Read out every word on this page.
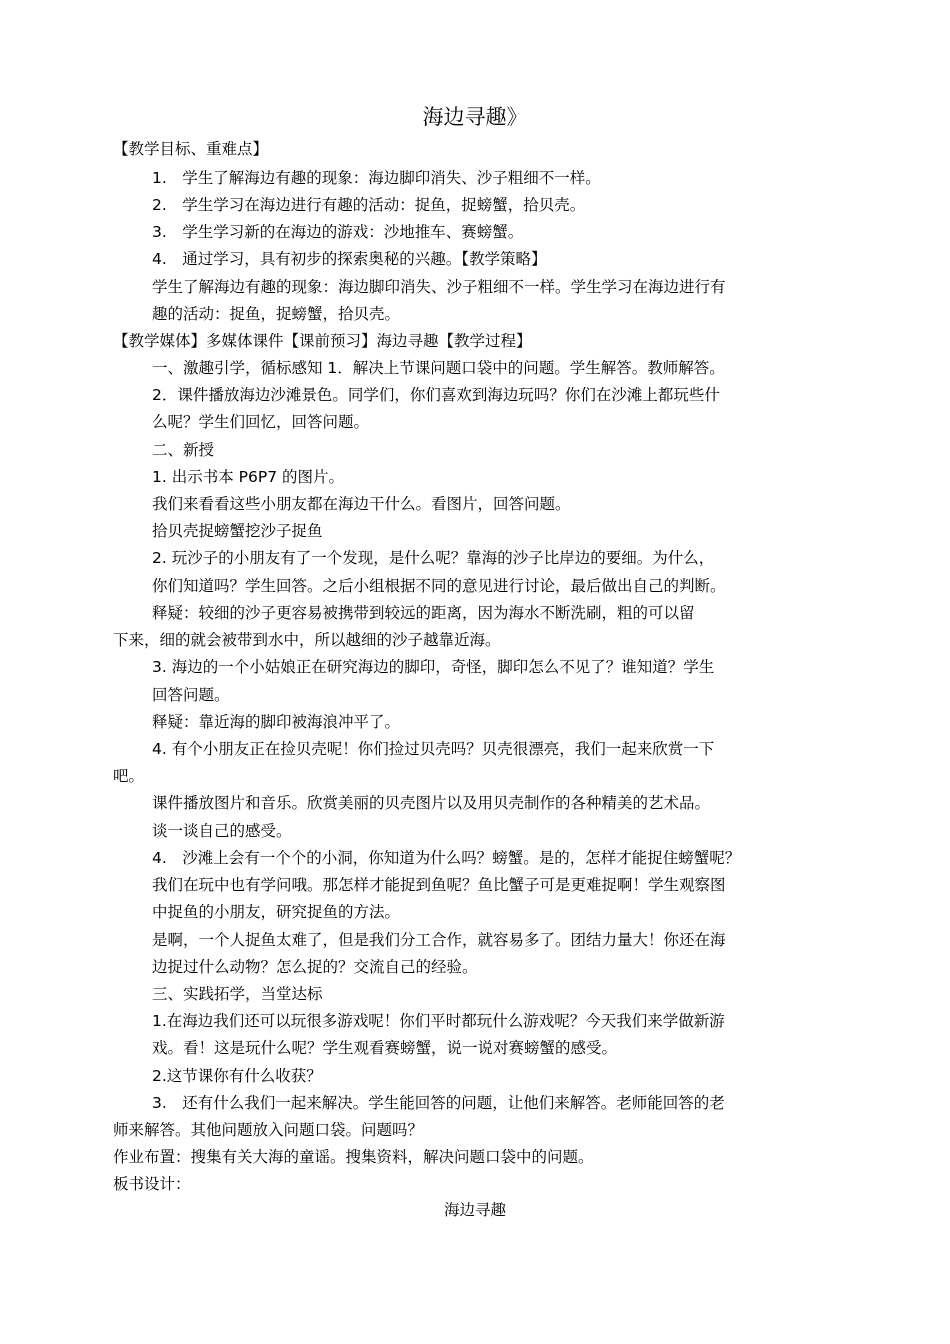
海边寻趣》
【教学目标、重难点】
1.　学生了解海边有趣的现象：海边脚印消失、沙子粗细不一样。
2.　学生学习在海边进行有趣的活动：捉鱼，捉螃蟹，拾贝壳。
3.　学生学习新的在海边的游戏：沙地推车、赛螃蟹。
4.　通过学习，具有初步的探索奥秘的兴趣。【教学策略】
学生了解海边有趣的现象：海边脚印消失、沙子粗细不一样。学生学习在海边进行有
趣的活动：捉鱼，捉螃蟹，拾贝壳。
【教学媒体】多媒体课件【课前预习】海边寻趣【教学过程】
一、激趣引学，循标感知 1．解决上节课问题口袋中的问题。学生解答。教师解答。
2．课件播放海边沙滩景色。同学们，你们喜欢到海边玩吗？你们在沙滩上都玩些什
么呢？学生们回忆，回答问题。
二、新授
1. 出示书本 P6P7 的图片。
我们来看看这些小朋友都在海边干什么。看图片，回答问题。
拾贝壳捉螃蟹挖沙子捉鱼
2. 玩沙子的小朋友有了一个发现，是什么呢？靠海的沙子比岸边的要细。为什么，
你们知道吗？学生回答。之后小组根据不同的意见进行讨论，最后做出自己的判断。
释疑：较细的沙子更容易被携带到较远的距离，因为海水不断洗刷，粗的可以留
下来，细的就会被带到水中，所以越细的沙子越靠近海。
3. 海边的一个小姑娘正在研究海边的脚印，奇怪，脚印怎么不见了？谁知道？学生
回答问题。
释疑：靠近海的脚印被海浪冲平了。
4. 有个小朋友正在捡贝壳呢！你们捡过贝壳吗？贝壳很漂亮，我们一起来欣赏一下
吧。
课件播放图片和音乐。欣赏美丽的贝壳图片以及用贝壳制作的各种精美的艺术品。
谈一谈自己的感受。
4.　沙滩上会有一个个的小洞，你知道为什么吗？螃蟹。是的，怎样才能捉住螃蟹呢？
我们在玩中也有学问哦。那怎样才能捉到鱼呢？鱼比蟹子可是更难捉啊！学生观察图
中捉鱼的小朋友，研究捉鱼的方法。
是啊，一个人捉鱼太难了，但是我们分工合作，就容易多了。团结力量大！你还在海
边捉过什么动物？怎么捉的？交流自己的经验。
三、实践拓学，当堂达标
1.在海边我们还可以玩很多游戏呢！你们平时都玩什么游戏呢？今天我们来学做新游
戏。看！这是玩什么呢？学生观看赛螃蟹，说一说对赛螃蟹的感受。
2.这节课你有什么收获？
3.　还有什么我们一起来解决。学生能回答的问题，让他们来解答。老师能回答的老
师来解答。其他问题放入问题口袋。问题吗？
作业布置：搜集有关大海的童谣。搜集资料，解决问题口袋中的问题。
板书设计：
海边寻趣
